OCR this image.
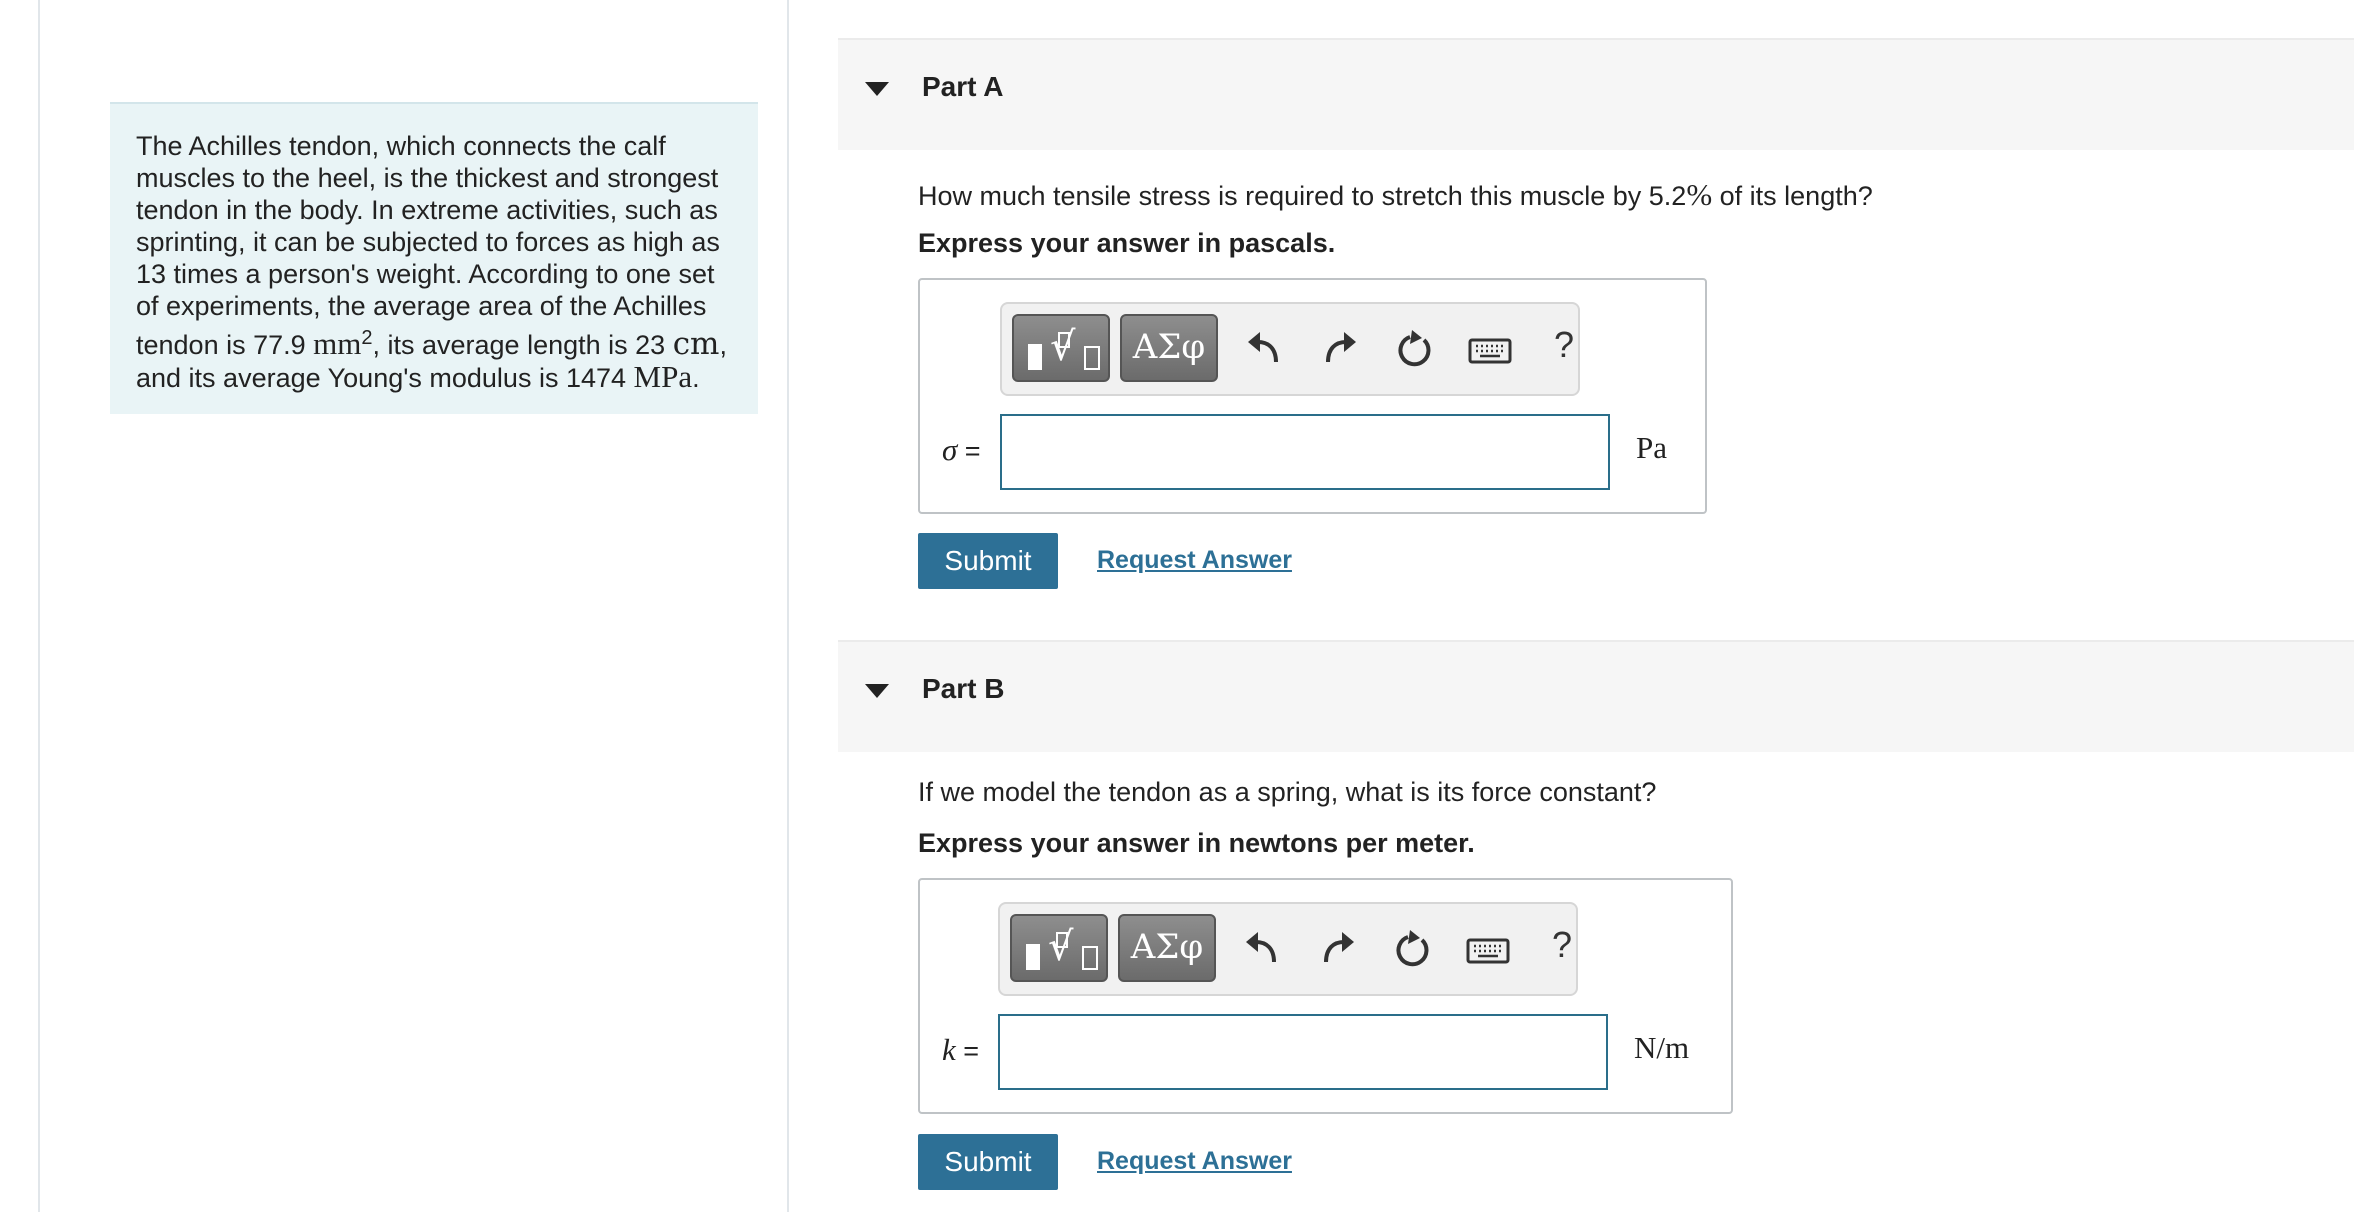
The Achilles tendon, which connects the calf muscles to the heel, is the thickest and strongest tendon in the body. In extreme activities, such as sprinting, it can be subjected to forces as high as 13 times a person's weight. According to one set of experiments, the average area of the Achilles tendon is 77.9 $mm^2$, its average length is 23 cm, and its average Young's modulus is 1474 MPa.
Part A
How much tensile stress is required to stretch this muscle by 5.2% of its length?
Express your answer in pascals.
√	ΑΣφ	?
σ =	Pa
Submit	Request Answer
Part B
If we model the tendon as a spring, what is its force constant?
Express your answer in newtons per meter.
√	ΑΣφ	?
k =	N/m
Submit	Request Answer
